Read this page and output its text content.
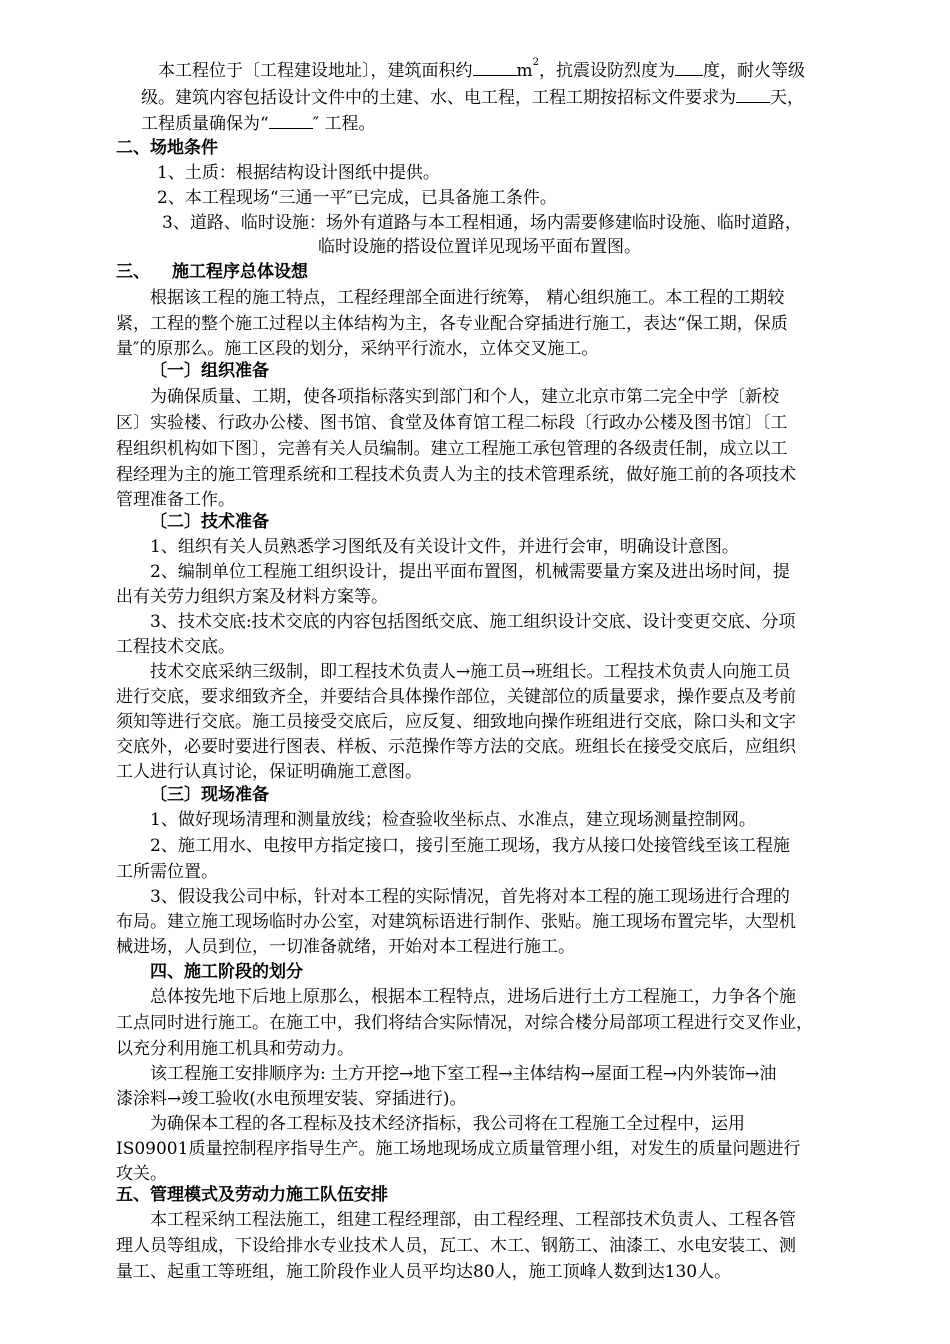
本工程位于〔工程建设地址〕，建筑面积约	$m^2$，抗震设防烈度为 度，耐火等级
级。建筑内容包括设计文件中的土建、水、电工程，工程工期按招标文件要求为 天，
工程质量确保为“	″ 工程。
二、场地条件
1、土质：根据结构设计图纸中提供。
2、本工程现场“三通一平″已完成，已具备施工条件。
3、道路、临时设施：场外有道路与本工程相通，场内需要修建临时设施、临时道路，
临时设施的搭设位置详见现场平面布置图。
三、 施工程序总体设想
根据该工程的施工特点，工程经理部全面进行统筹， 精心组织施工。本工程的工期较
紧，工程的整个施工过程以主体结构为主，各专业配合穿插进行施工，表达“保工期，保质
量″的原那么。施工区段的划分，采纳平行流水，立体交叉施工。
〔一〕组织准备
为确保质量、工期，使各项指标落实到部门和个人，建立北京市第二完全中学〔新校
区〕实验楼、行政办公楼、图书馆、食堂及体育馆工程二标段〔行政办公楼及图书馆〕〔工
程组织机构如下图〕，完善有关人员编制。建立工程施工承包管理的各级责任制，成立以工
程经理为主的施工管理系统和工程技术负责人为主的技术管理系统，做好施工前的各项技术
管理准备工作。
〔二〕技术准备
1、组织有关人员熟悉学习图纸及有关设计文件，并进行会审，明确设计意图。
2、编制单位工程施工组织设计，提出平面布置图，机械需要量方案及进出场时间，提
出有关劳力组织方案及材料方案等。
3、技术交底:技术交底的内容包括图纸交底、施工组织设计交底、设计变更交底、分项
工程技术交底。
技术交底采纳三级制，即工程技术负责人→施工员→班组长。工程技术负责人向施工员
进行交底，要求细致齐全，并要结合具体操作部位，关键部位的质量要求，操作要点及考前
须知等进行交底。施工员接受交底后，应反复、细致地向操作班组进行交底，除口头和文字
交底外，必要时要进行图表、样板、示范操作等方法的交底。班组长在接受交底后，应组织
工人进行认真讨论，保证明确施工意图。
〔三〕现场准备
1、做好现场清理和测量放线；检查验收坐标点、水准点，建立现场测量控制网。
2、施工用水、电按甲方指定接口，接引至施工现场，我方从接口处接管线至该工程施
工所需位置。
3、假设我公司中标，针对本工程的实际情况，首先将对本工程的施工现场进行合理的
布局。建立施工现场临时办公室，对建筑标语进行制作、张贴。施工现场布置完毕，大型机
械进场，人员到位，一切准备就绪，开始对本工程进行施工。
四、施工阶段的划分
总体按先地下后地上原那么，根据本工程特点，进场后进行土方工程施工，力争各个施
工点同时进行施工。在施工中，我们将结合实际情况，对综合楼分局部项工程进行交叉作业，
以充分利用施工机具和劳动力。
该工程施工安排顺序为: 土方开挖→地下室工程→主体结构→屋面工程→内外装饰→油
漆涂料→竣工验收(水电预埋安装、穿插进行)。
为确保本工程的各工程标及技术经济指标，我公司将在工程施工全过程中，运用
IS09001质量控制程序指导生产。施工场地现场成立质量管理小组，对发生的质量问题进行
攻关。
五、管理模式及劳动力施工队伍安排
本工程采纳工程法施工，组建工程经理部，由工程经理、工程部技术负责人、工程各管
理人员等组成，下设给排水专业技术人员，瓦工、木工、钢筋工、油漆工、水电安装工、测
量工、起重工等班组，施工阶段作业人员平均达80人，施工顶峰人数到达130人。
